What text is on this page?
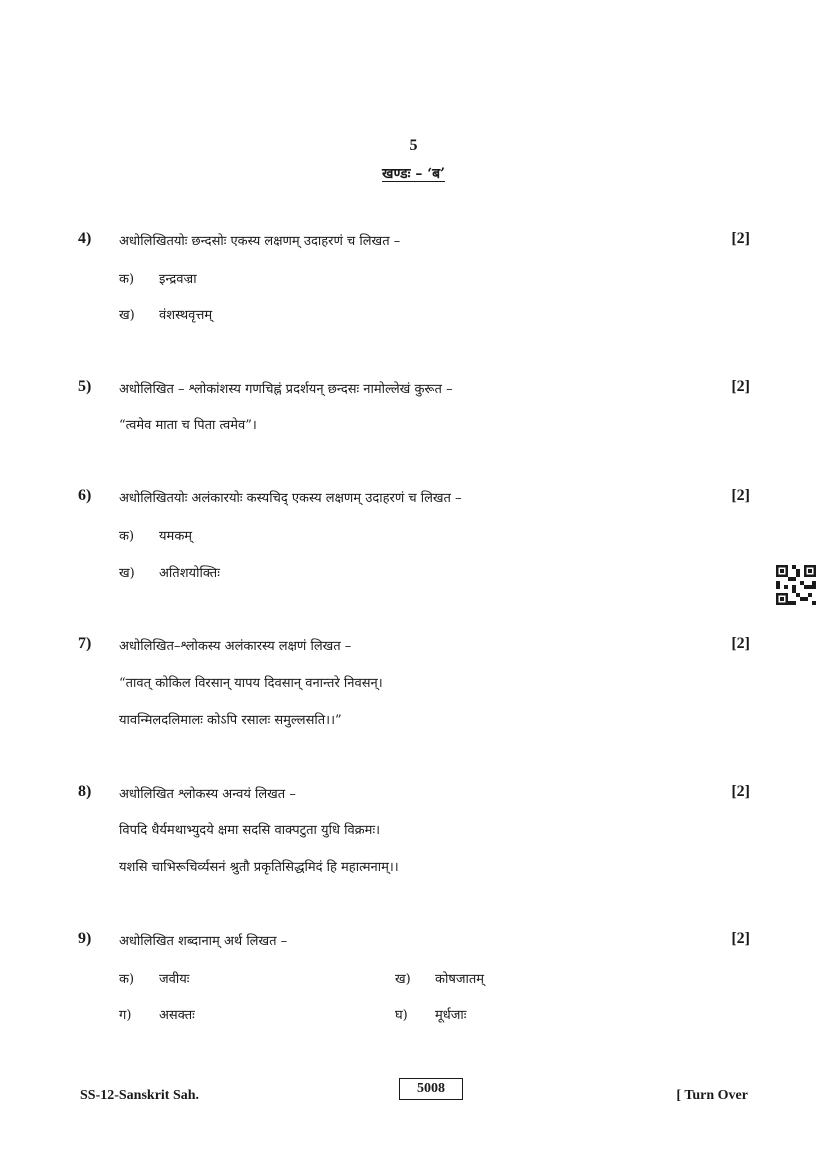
5
खण्डः – ‘ब’
4) अधोलिखितयोः छन्दसोः एकस्य लक्षणम् उदाहरणं च लिखत –	[2]
क) इन्द्रवज्रा
ख) वंशस्थवृत्तम्
5) अधोलिखित – श्लोकांशस्य गणचिह्नं प्रदर्शयन् छन्दसः नामोल्लेखं कुरूत –	[2]
“त्वमेव माता च पिता त्वमेव”।
6) अधोलिखितयोः अलंकारयोः कस्यचिद् एकस्य लक्षणम् उदाहरणं च लिखत –	[2]
क) यमकम्
ख) अतिशयोक्तिः
7) अधोलिखित–श्लोकस्य अलंकारस्य लक्षणं लिखत –	[2]
“तावत् कोकिल विरसान् यापय दिवसान् वनान्तरे निवसन्।
यावन्मिलदलिमालः कोऽपि रसालः समुल्लसति।।”
8) अधोलिखित श्लोकस्य अन्वयं लिखत –	[2]
विपदि धैर्यमथाभ्युदये क्षमा सदसि वाक्पटुता युधि विक्रमः।
यशसि चाभिरूचिर्व्यसनं श्रुतौ प्रकृतिसिद्धमिदं हि महात्मनाम्।।
9) अधोलिखित शब्दानाम् अर्थ लिखत –	[2]
क) जवीयः	ख) कोषजातम्
ग) असक्तः	घ) मूर्धजाः
SS-12-Sanskrit Sah.	5008	[ Turn Over
